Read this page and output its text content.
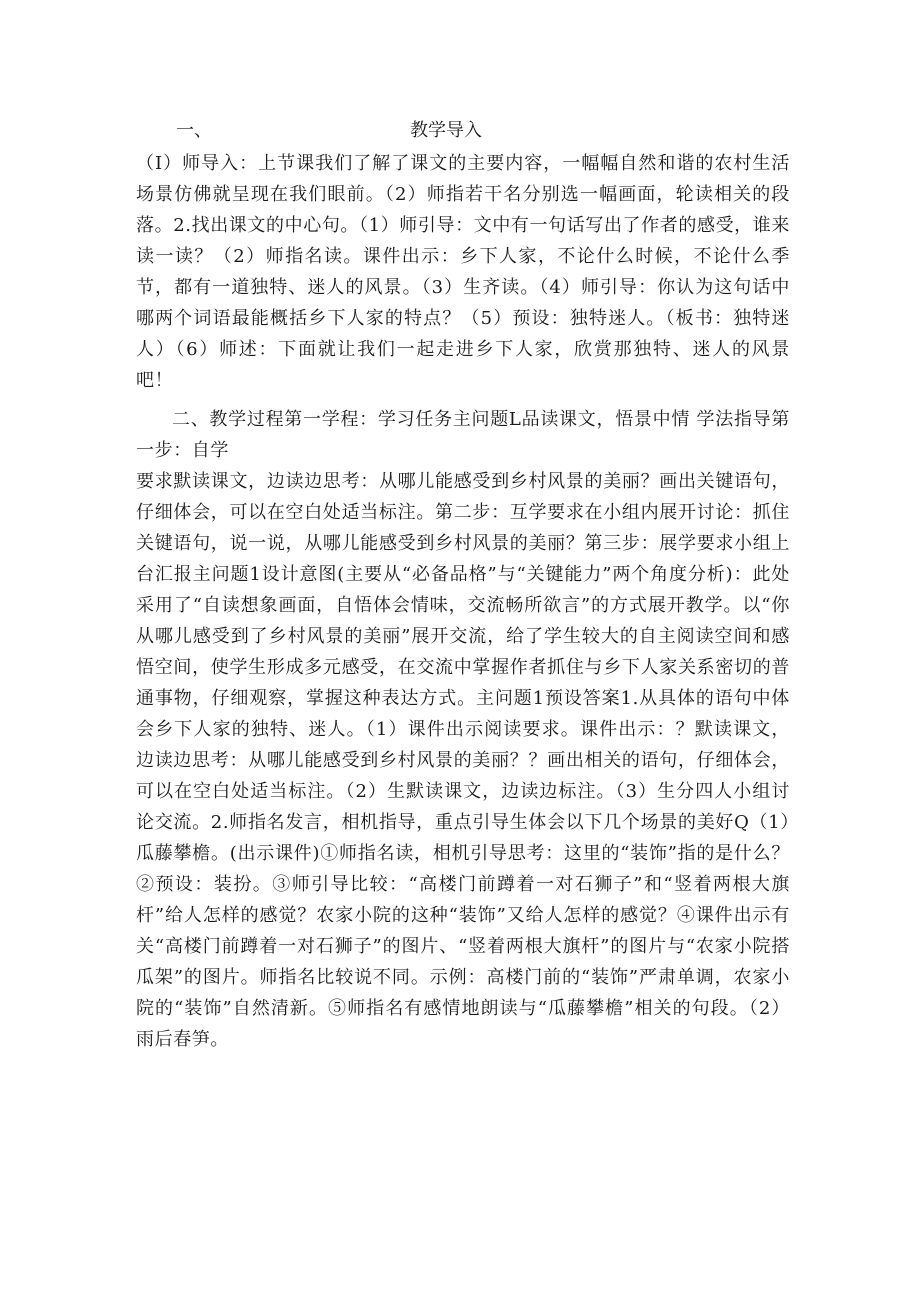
一、	教学导入

（I）师导入：上节课我们了解了课文的主要内容，一幅幅自然和谐的农村生活场景仿佛就呈现在我们眼前。（2）师指若干名分别选一幅画面，轮读相关的段落。2.找出课文的中心句。（1）师引导：文中有一句话写出了作者的感受，谁来读一读？（2）师指名读。课件出示：乡下人家，不论什么时候，不论什么季节，都有一道独特、迷人的风景。（3）生齐读。（4）师引导：你认为这句话中哪两个词语最能概括乡下人家的特点？（5）预设：独特迷人。（板书：独特迷人）（6）师述：下面就让我们一起走进乡下人家，欣赏那独特、迷人的风景吧！

二、教学过程第一学程：学习任务主问题L品读课文，悟景中情 学法指导第一步：自学

要求默读课文，边读边思考：从哪儿能感受到乡村风景的美丽？画出关键语句，仔细体会，可以在空白处适当标注。第二步：互学要求在小组内展开讨论：抓住关键语句，说一说，从哪儿能感受到乡村风景的美丽？第三步：展学要求小组上台汇报主问题1设计意图(主要从“必备品格”与“关键能力”两个角度分析)：此处采用了“自读想象画面，自悟体会情味，交流畅所欲言”的方式展开教学。以“你从哪儿感受到了乡村风景的美丽”展开交流，给了学生较大的自主阅读空间和感悟空间，使学生形成多元感受，在交流中掌握作者抓住与乡下人家关系密切的普通事物，仔细观察，掌握这种表达方式。主问题1预设答案1.从具体的语句中体会乡下人家的独特、迷人。（1）课件出示阅读要求。课件出示：？默读课文，边读边思考：从哪儿能感受到乡村风景的美丽？？画出相关的语句，仔细体会，可以在空白处适当标注。（2）生默读课文，边读边标注。（3）生分四人小组讨论交流。2.师指名发言，相机指导，重点引导生体会以下几个场景的美好Q（1）瓜藤攀檐。(出示课件)①师指名读，相机引导思考：这里的“装饰”指的是什么？②预设：装扮。③师引导比较：“高楼门前蹲着一对石狮子”和“竖着两根大旗杆”给人怎样的感觉？农家小院的这种“装饰”又给人怎样的感觉？④课件出示有关“高楼门前蹲着一对石狮子”的图片、“竖着两根大旗杆”的图片与“农家小院搭瓜架”的图片。师指名比较说不同。示例：高楼门前的“装饰”严肃单调，农家小院的“装饰”自然清新。⑤师指名有感情地朗读与“瓜藤攀檐”相关的句段。（2）雨后春笋。
